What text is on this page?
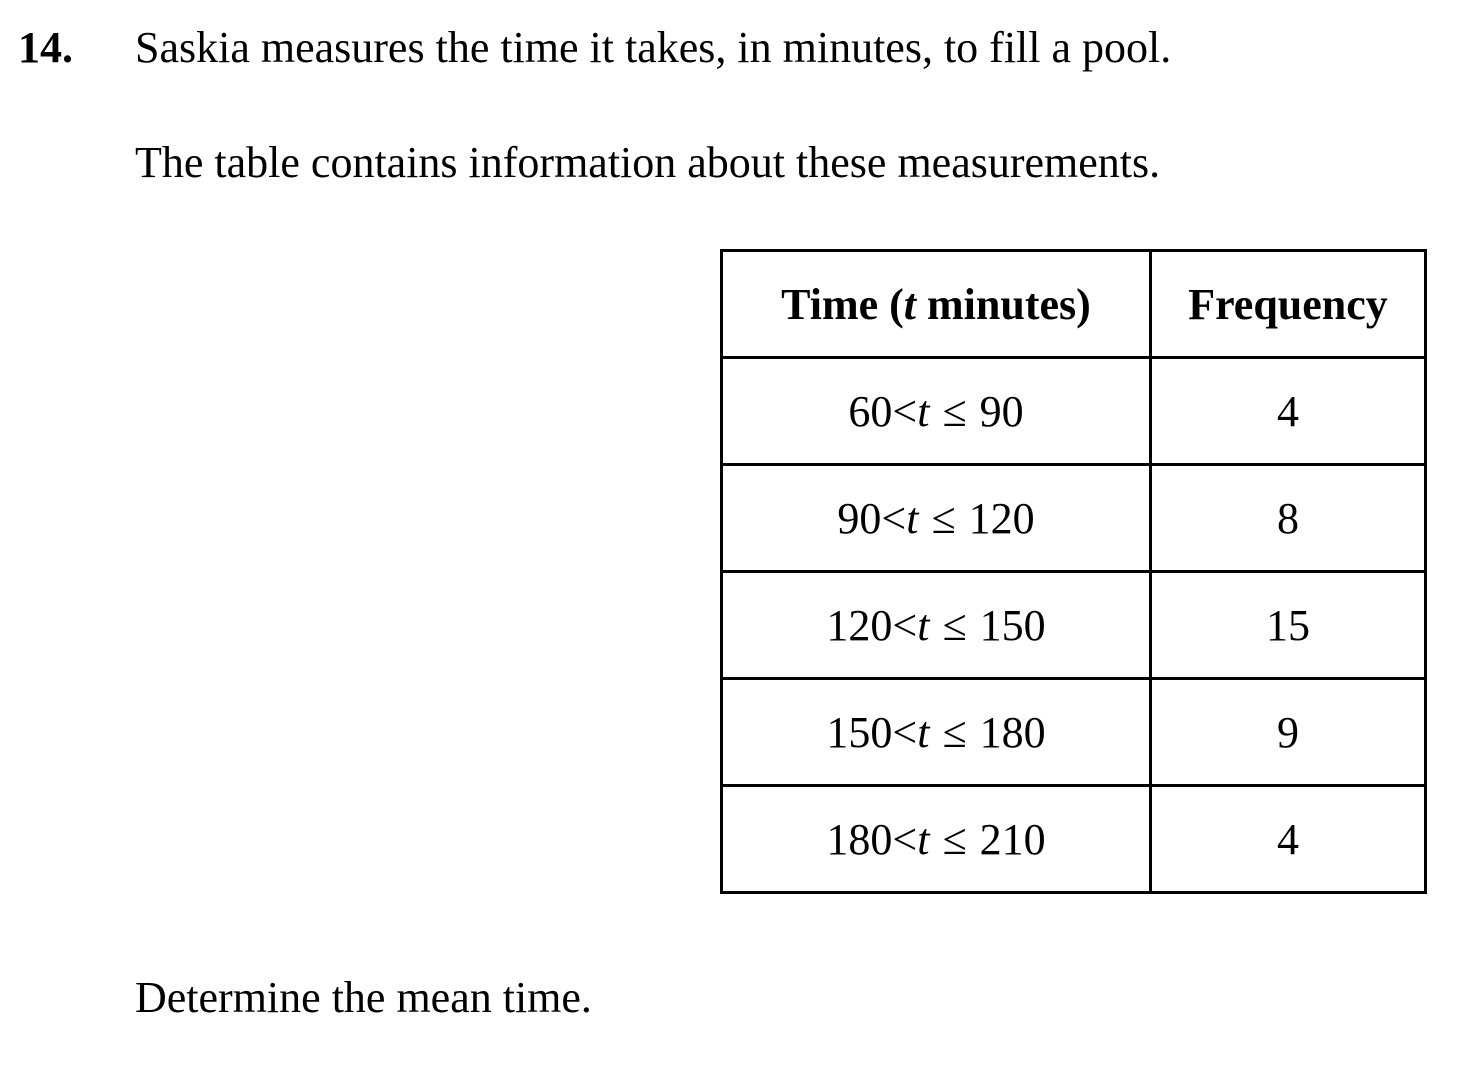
14. Saskia measures the time it takes, in minutes, to fill a pool.
The table contains information about these measurements.
Time (t minutes)	Frequency
60<t ≤ 90	4
90<t ≤ 120	8
120<t ≤ 150	15
150<t ≤ 180	9
180<t ≤ 210	4
Determine the mean time.
